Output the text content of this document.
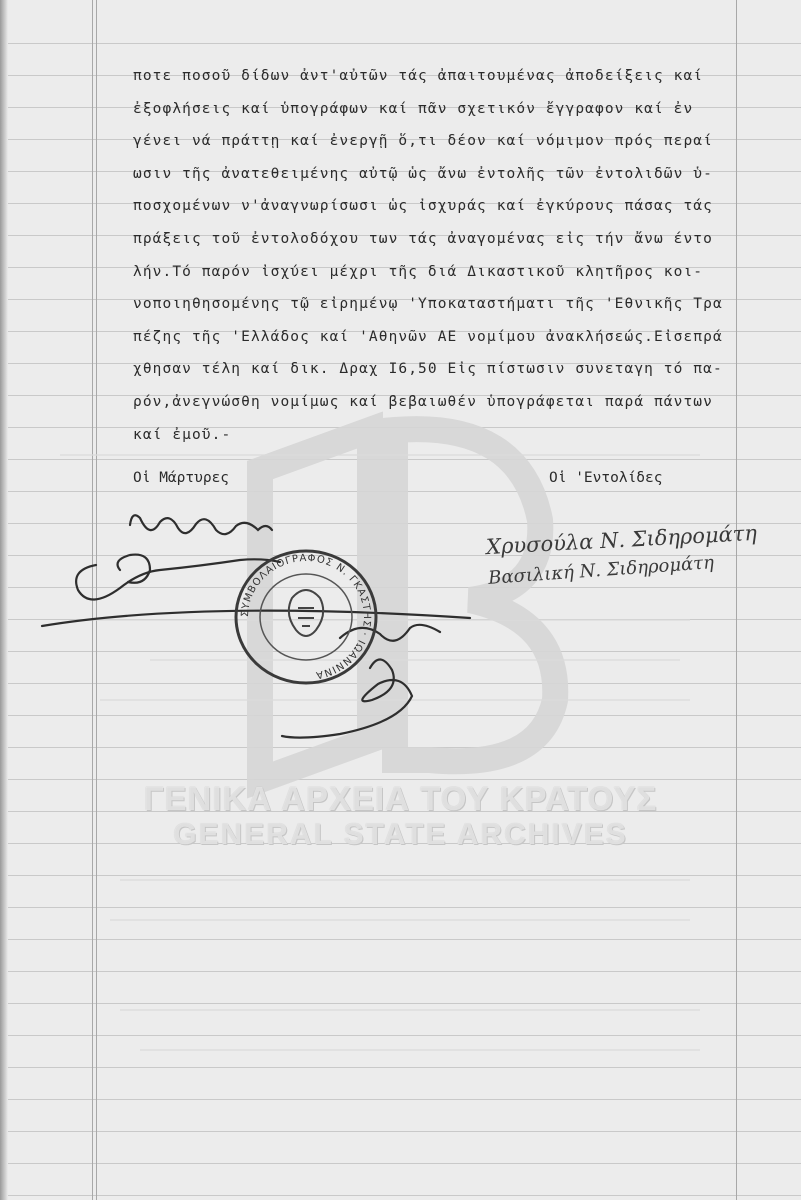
ποτε ποσοῦ δίδων ἀντ'αὐτῶν τάς ἀπαιτουμένας ἀποδείξεις καί
ἐξοφλήσεις καί ὑπογράφων καί πᾶν σχετικόν ἔγγραφον καί ἐν
γένει νά πράττῃ καί ἐνεργῇ ὅ,τι δέον καί νόμιμον πρός περαί
ωσιν τῆς ἀνατεθειμένης αὐτῷ ὡς ἄνω ἐντολῆς τῶν ἐντολιδῶν ὑ-
ποσχομένων ν'ἀναγνωρίσωσι ὡς ἰσχυράς καί ἐγκύρους πάσας τάς
πράξεις τοῦ ἐντολοδόχου των τάς ἀναγομένας εἰς τήν ἄνω έντο
λήν.Τό παρόν ἰσχύει μέχρι τῆς διά Δικαστικοῦ κλητῆρος κοι-
νοποιηθησομένης τῷ εἰρημένῳ 'Υποκαταστήματι τῆς 'Εθνικῆς Τρα
πέζης τῆς 'Ελλάδος καί 'Αθηνῶν ΑΕ νομίμου ἀνακλήσεώς.Εἰσεπρά
χθησαν τέλη καί δικ. Δραχ Ι6,50 Εἰς πίστωσιν συνεταγη τό πα-
ρόν,ἀνεγνώσθη νομίμως καί βεβαιωθέν ὑπογράφεται παρά πάντων
καί ἐμοῦ.-
Οἱ Μάρτυρες	Οἱ 'Εντολίδες
ΣΥΜΒΟΛΑΙΟΓΡΑΦΟΣ Ν. ΓΚΑΣΤΗΣ · ΙΩΑΝΝΙΝΑ
Χρυσούλα Ν. Σιδηρομάτη
Βασιλική Ν. Σιδηρομάτη
ΓΕΝΙΚΑ ΑΡΧΕΙΑ ΤΟΥ ΚΡΑΤΟΥΣ
GENERAL STATE ARCHIVES
